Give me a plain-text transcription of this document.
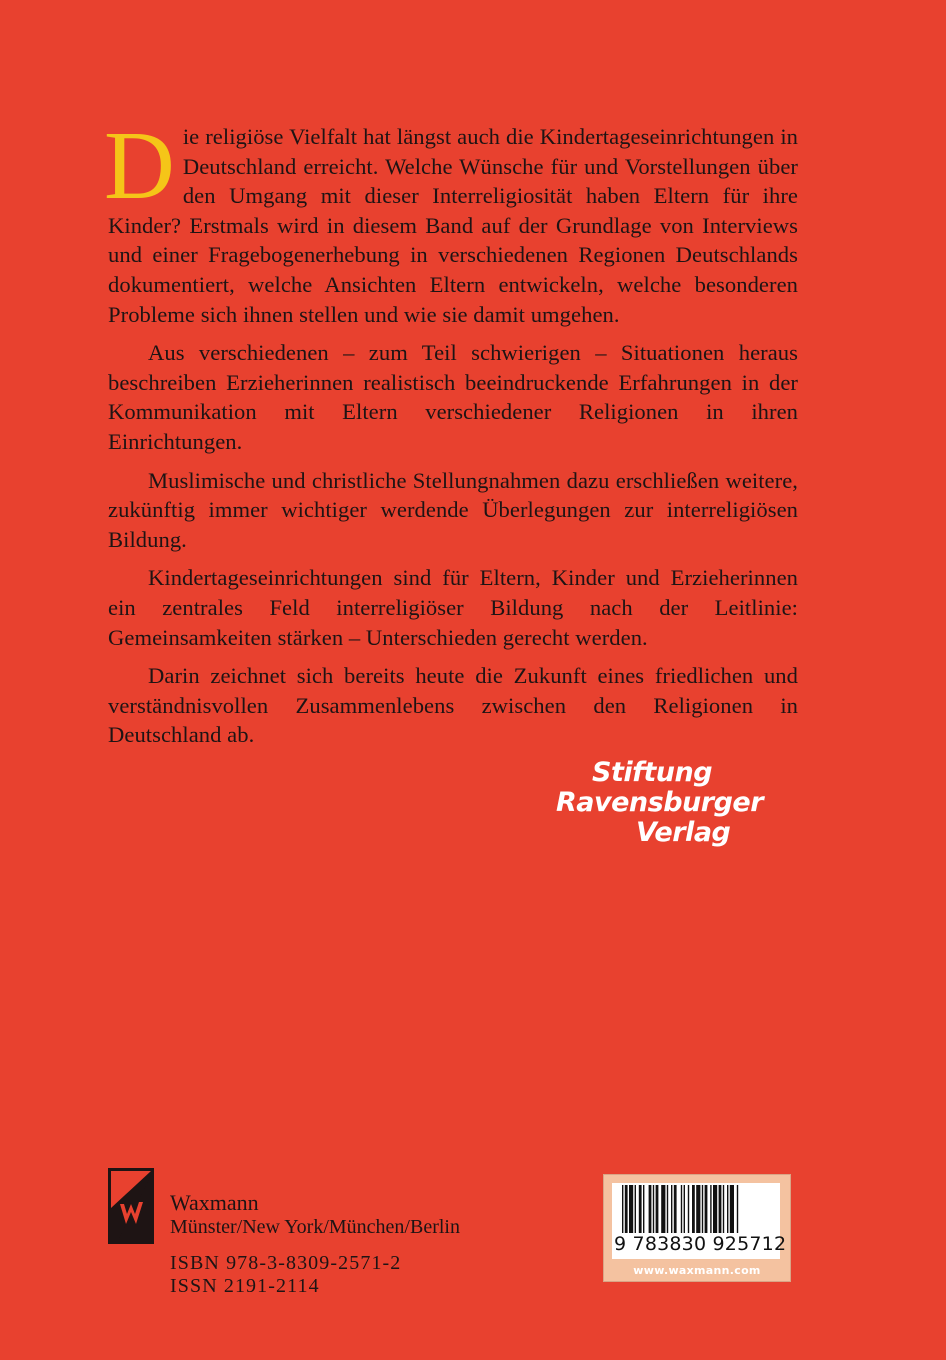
Die religiöse Vielfalt hat längst auch die Kindertageseinrichtungen in Deutschland erreicht. Welche Wünsche für und Vorstellungen über den Umgang mit dieser Interreligiosität haben Eltern für ihre Kinder? Erstmals wird in diesem Band auf der Grundlage von Interviews und einer Fragebogenerhebung in verschiedenen Regionen Deutschlands dokumentiert, welche Ansichten Eltern entwickeln, welche besonderen Probleme sich ihnen stellen und wie sie damit umgehen.

Aus verschiedenen – zum Teil schwierigen – Situationen heraus beschreiben Erzieherinnen realistisch beeindruckende Erfahrungen in der Kommunikation mit Eltern verschiedener Religionen in ihren Einrichtungen.

Muslimische und christliche Stellungnahmen dazu erschließen weitere, zukünftig immer wichtiger werdende Überlegungen zur interreligiösen Bildung.

Kindertageseinrichtungen sind für Eltern, Kinder und Erzieherinnen ein zentrales Feld interreligiöser Bildung nach der Leitlinie: Gemeinsamkeiten stärken – Unterschieden gerecht werden.

Darin zeichnet sich bereits heute die Zukunft eines friedlichen und verständnisvollen Zusammenlebens zwischen den Religionen in Deutschland ab.

Stiftung
Ravensburger
Verlag
Waxmann
Münster/New York/München/Berlin
ISBN 978-3-8309-2571-2
ISSN 2191-2114
9 783830 925712
www.waxmann.com
